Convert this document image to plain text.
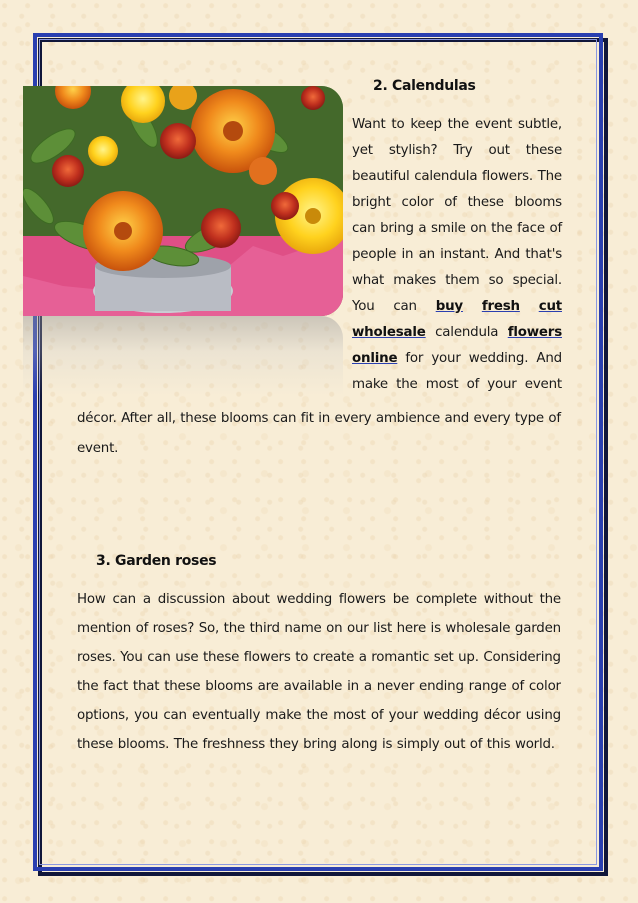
2. Calendulas
Want to keep the event subtle,
yet stylish? Try out these
beautiful calendula flowers. The
bright color of these blooms
can bring a smile on the face of
people in an instant. And that's
what makes them so special.
You can buy fresh cut
wholesale calendula flowers
online for your wedding. And
make the most of your event
décor. After all, these blooms can fit in every ambience and every type of
event.
3. Garden roses
How can a discussion about wedding flowers be complete without the
mention of roses? So, the third name on our list here is wholesale garden
roses. You can use these flowers to create a romantic set up. Considering
the fact that these blooms are available in a never ending range of color
options, you can eventually make the most of your wedding décor using
these blooms. The freshness they bring along is simply out of this world.
